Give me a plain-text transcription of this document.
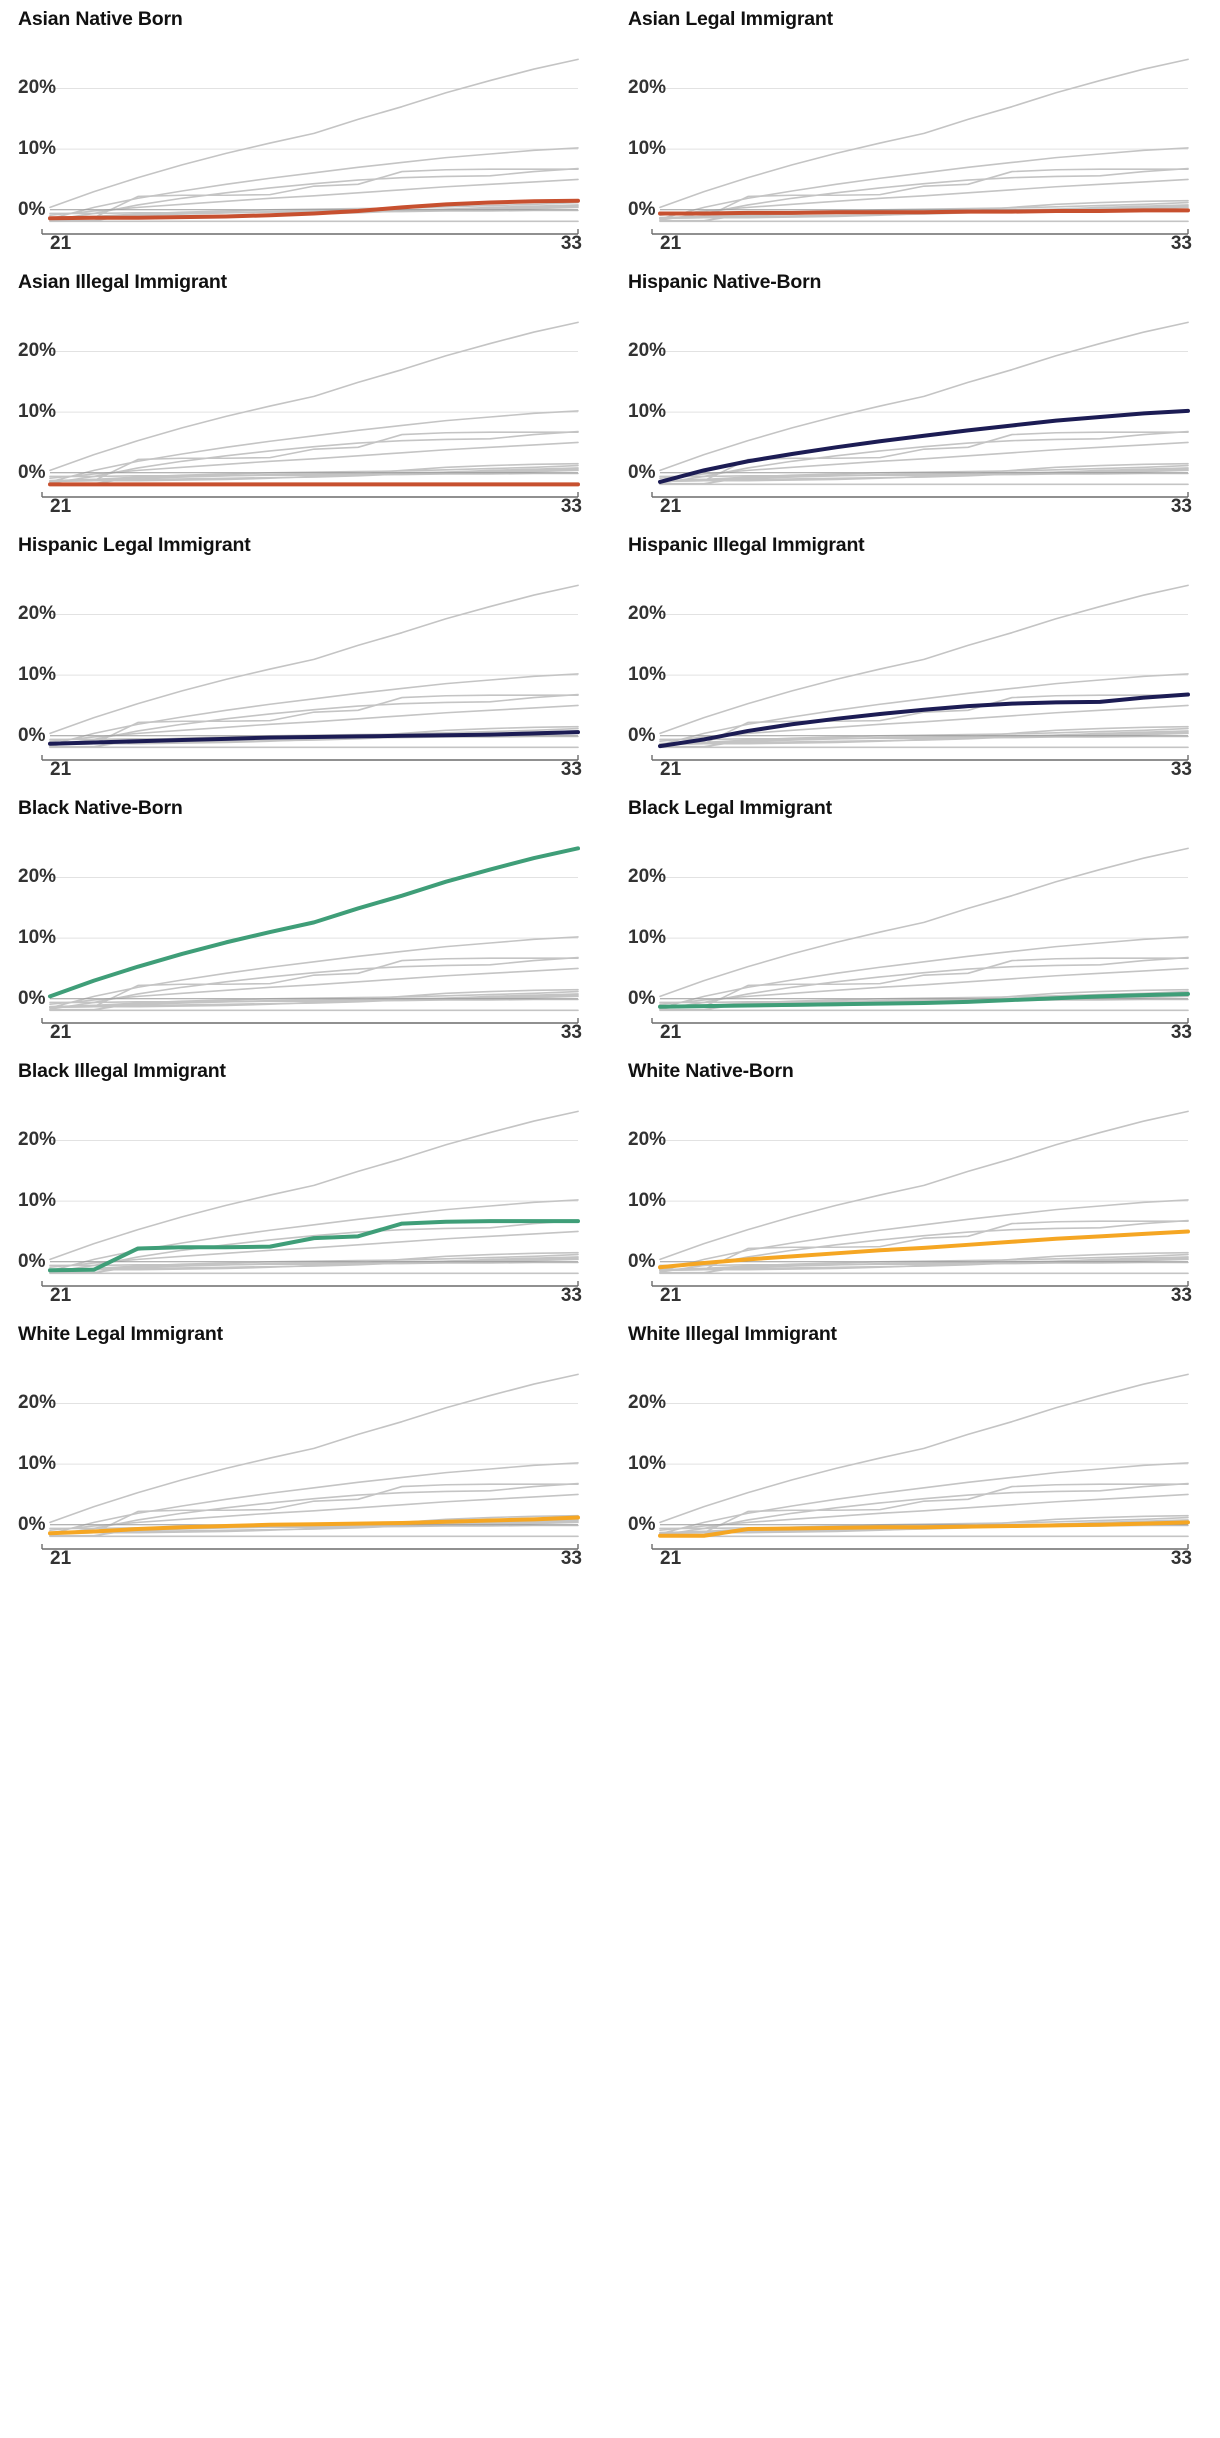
Asian Native Born
0%
10%
20%
21	33
Asian Legal Immigrant
0%
10%
20%
21	33
Asian Illegal Immigrant
0%
10%
20%
21	33
Hispanic Native-Born
0%
10%
20%
21	33
Hispanic Legal Immigrant
0%
10%
20%
21	33
Hispanic Illegal Immigrant
0%
10%
20%
21	33
Black Native-Born
0%
10%
20%
21	33
Black Legal Immigrant
0%
10%
20%
21	33
Black Illegal Immigrant
0%
10%
20%
21	33
White Native-Born
0%
10%
20%
21	33
White Legal Immigrant
0%
10%
20%
21	33
White Illegal Immigrant
0%
10%
20%
21	33
